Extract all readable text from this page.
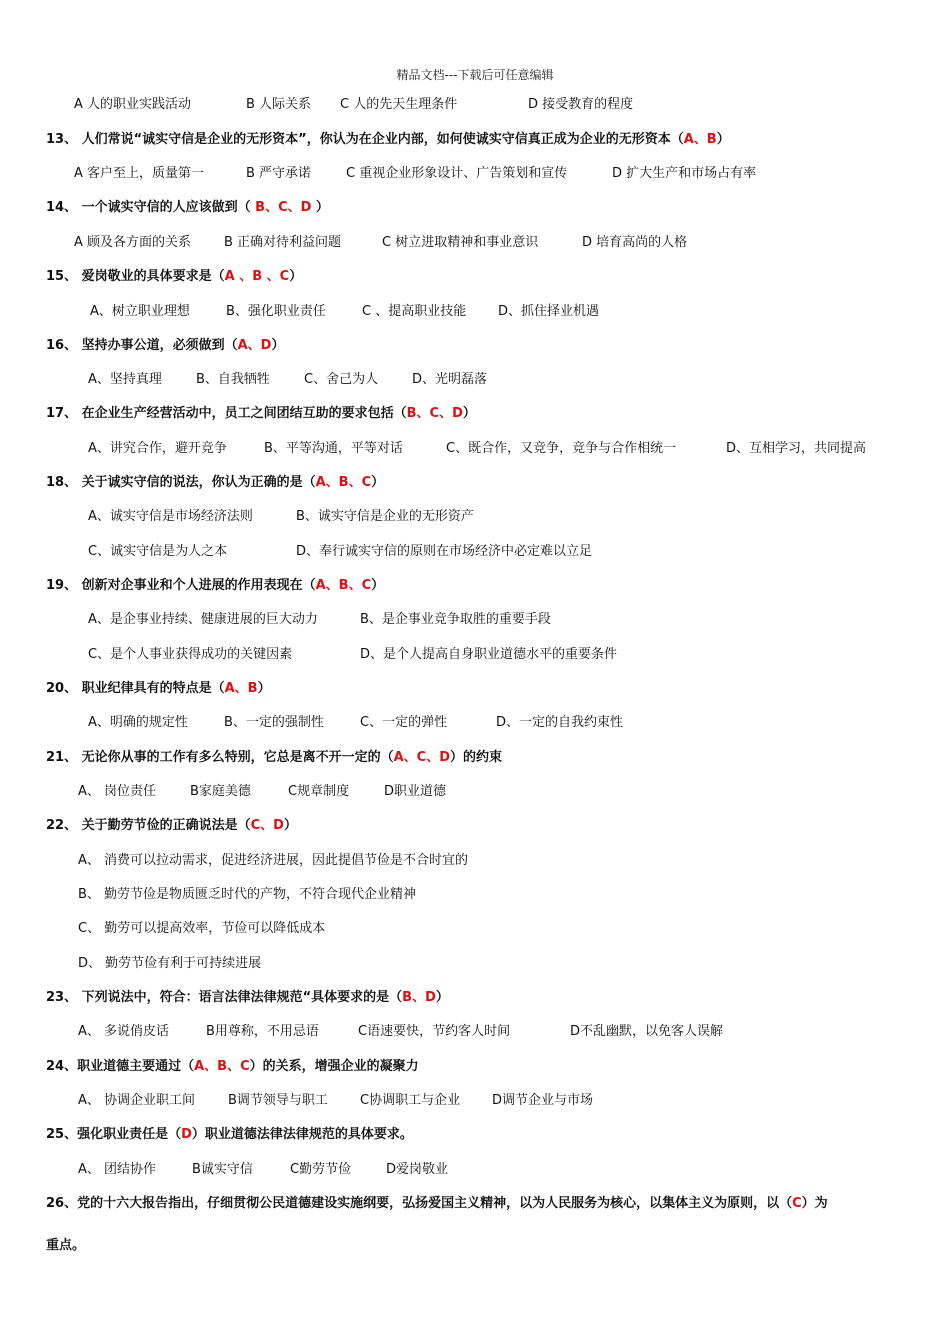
精品文档---下载后可任意编辑
A 人的职业实践活动	B 人际关系 C 人的先天生理条件	D 接受教育的程度
13、 人们常说“诚实守信是企业的无形资本”，你认为在企业内部，如何使诚实守信真正成为企业的无形资本（A、B）
A 客户至上，质量第一	B 严守承诺	C 重视企业形象设计、广告策划和宣传	D 扩大生产和市场占有率
14、 一个诚实守信的人应该做到（ B、C、D ）
A 顾及各方面的关系	B 正确对待利益问题	C 树立进取精神和事业意识	D 培育高尚的人格
15、 爱岗敬业的具体要求是（A 、B 、C）
A、树立职业理想	B、强化职业责任	C 、提高职业技能 D、抓住择业机遇
16、 坚持办事公道，必须做到（A、D）
A、坚持真理	B、自我牺牲	C、舍己为人	D、光明磊落
17、 在企业生产经营活动中，员工之间团结互助的要求包括（B、C、D）
A、讲究合作，避开竞争	B、平等沟通，平等对话	C、既合作，又竞争，竞争与合作相统一	D、互相学习，共同提高
18、 关于诚实守信的说法，你认为正确的是（A、B、C）
A、诚实守信是市场经济法则	B、诚实守信是企业的无形资产
C、诚实守信是为人之本	D、奉行诚实守信的原则在市场经济中必定难以立足
19、 创新对企事业和个人进展的作用表现在（A、B、C）
A、是企事业持续、健康进展的巨大动力	B、是企事业竞争取胜的重要手段
C、是个人事业获得成功的关键因素	D、是个人提高自身职业道德水平的重要条件
20、 职业纪律具有的特点是（A、B）
A、明确的规定性	B、一定的强制性	C、一定的弹性	D、一定的自我约束性
21、 无论你从事的工作有多么特别，它总是离不开一定的（A、C、D）的约束
A、 岗位责任	B家庭美德	C规章制度	D职业道德
22、 关于勤劳节俭的正确说法是（C、D）
A、 消费可以拉动需求，促进经济进展，因此提倡节俭是不合时宜的
B、 勤劳节俭是物质匮乏时代的产物，不符合现代企业精神
C、 勤劳可以提高效率，节俭可以降低成本
D、 勤劳节俭有利于可持续进展
23、 下列说法中，符合：语言法律法律规范“具体要求的是（B、D）
A、 多说俏皮话	B用尊称，不用忌语	C语速要快，节约客人时间	D不乱幽默，以免客人误解
24、职业道德主要通过（A、B、C）的关系，增强企业的凝聚力
A、 协调企业职工间	B调节领导与职工 C协调职工与企业 D调节企业与市场
25、强化职业责任是（D）职业道德法律法律规范的具体要求。
A、 团结协作	B诚实守信	C勤劳节俭	D爱岗敬业
26、党的十六大报告指出，仔细贯彻公民道德建设实施纲要，弘扬爱国主义精神，以为人民服务为核心，以集体主义为原则，以（C）为
重点。
